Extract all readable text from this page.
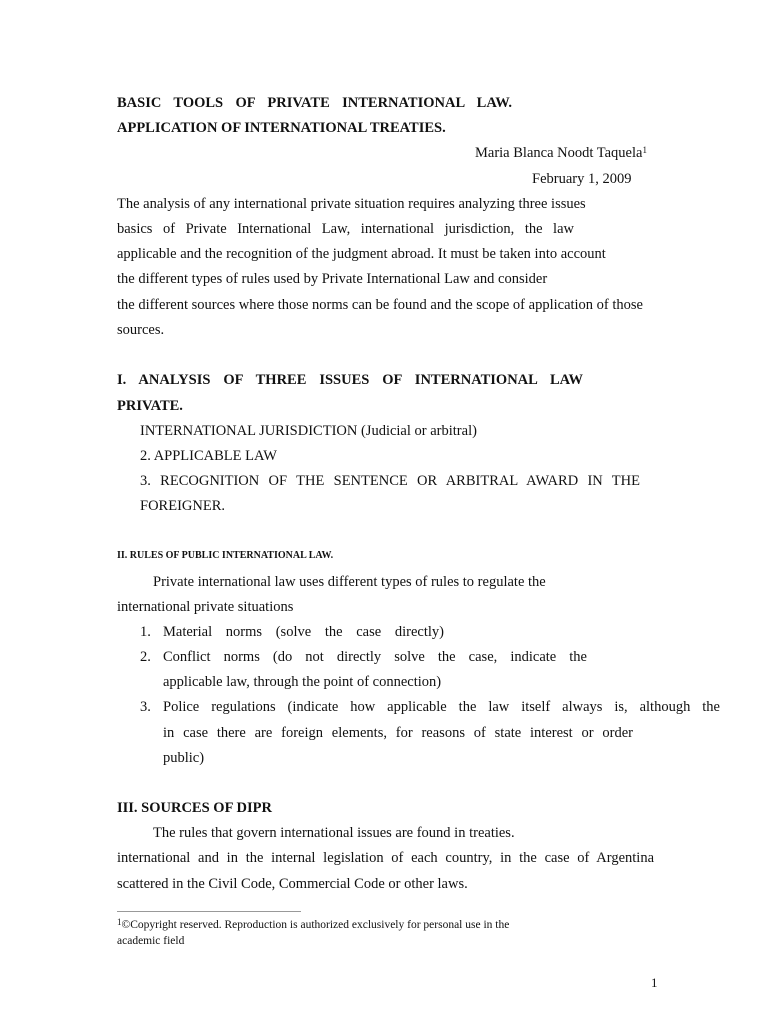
BASIC TOOLS OF PRIVATE INTERNATIONAL LAW.
APPLICATION OF INTERNATIONAL TREATIES.
Maria Blanca Noodt Taquela$^1$
February 1, 2009
The analysis of any international private situation requires analyzing three issues
basics of Private International Law, international jurisdiction, the law
applicable and the recognition of the judgment abroad. It must be taken into account
the different types of rules used by Private International Law and consider
the different sources where those norms can be found and the scope of application of those
sources.
I. ANALYSIS OF THREE ISSUES OF INTERNATIONAL LAW
PRIVATE.
INTERNATIONAL JURISDICTION (Judicial or arbitral)
2. APPLICABLE LAW
3. RECOGNITION OF THE SENTENCE OR ARBITRAL AWARD IN THE
FOREIGNER.
II. RULES OF PUBLIC INTERNATIONAL LAW.
Private international law uses different types of rules to regulate the
international private situations
1. Material norms (solve the case directly)
2. Conflict norms (do not directly solve the case, indicate the
applicable law, through the point of connection)
3. Police regulations (indicate how applicable the law itself always is, although the
in case there are foreign elements, for reasons of state interest or order
public)
III. SOURCES OF DIPR
The rules that govern international issues are found in treaties.
international and in the internal legislation of each country, in the case of Argentina
scattered in the Civil Code, Commercial Code or other laws.
$^1$©Copyright reserved. Reproduction is authorized exclusively for personal use in the
academic field
1
